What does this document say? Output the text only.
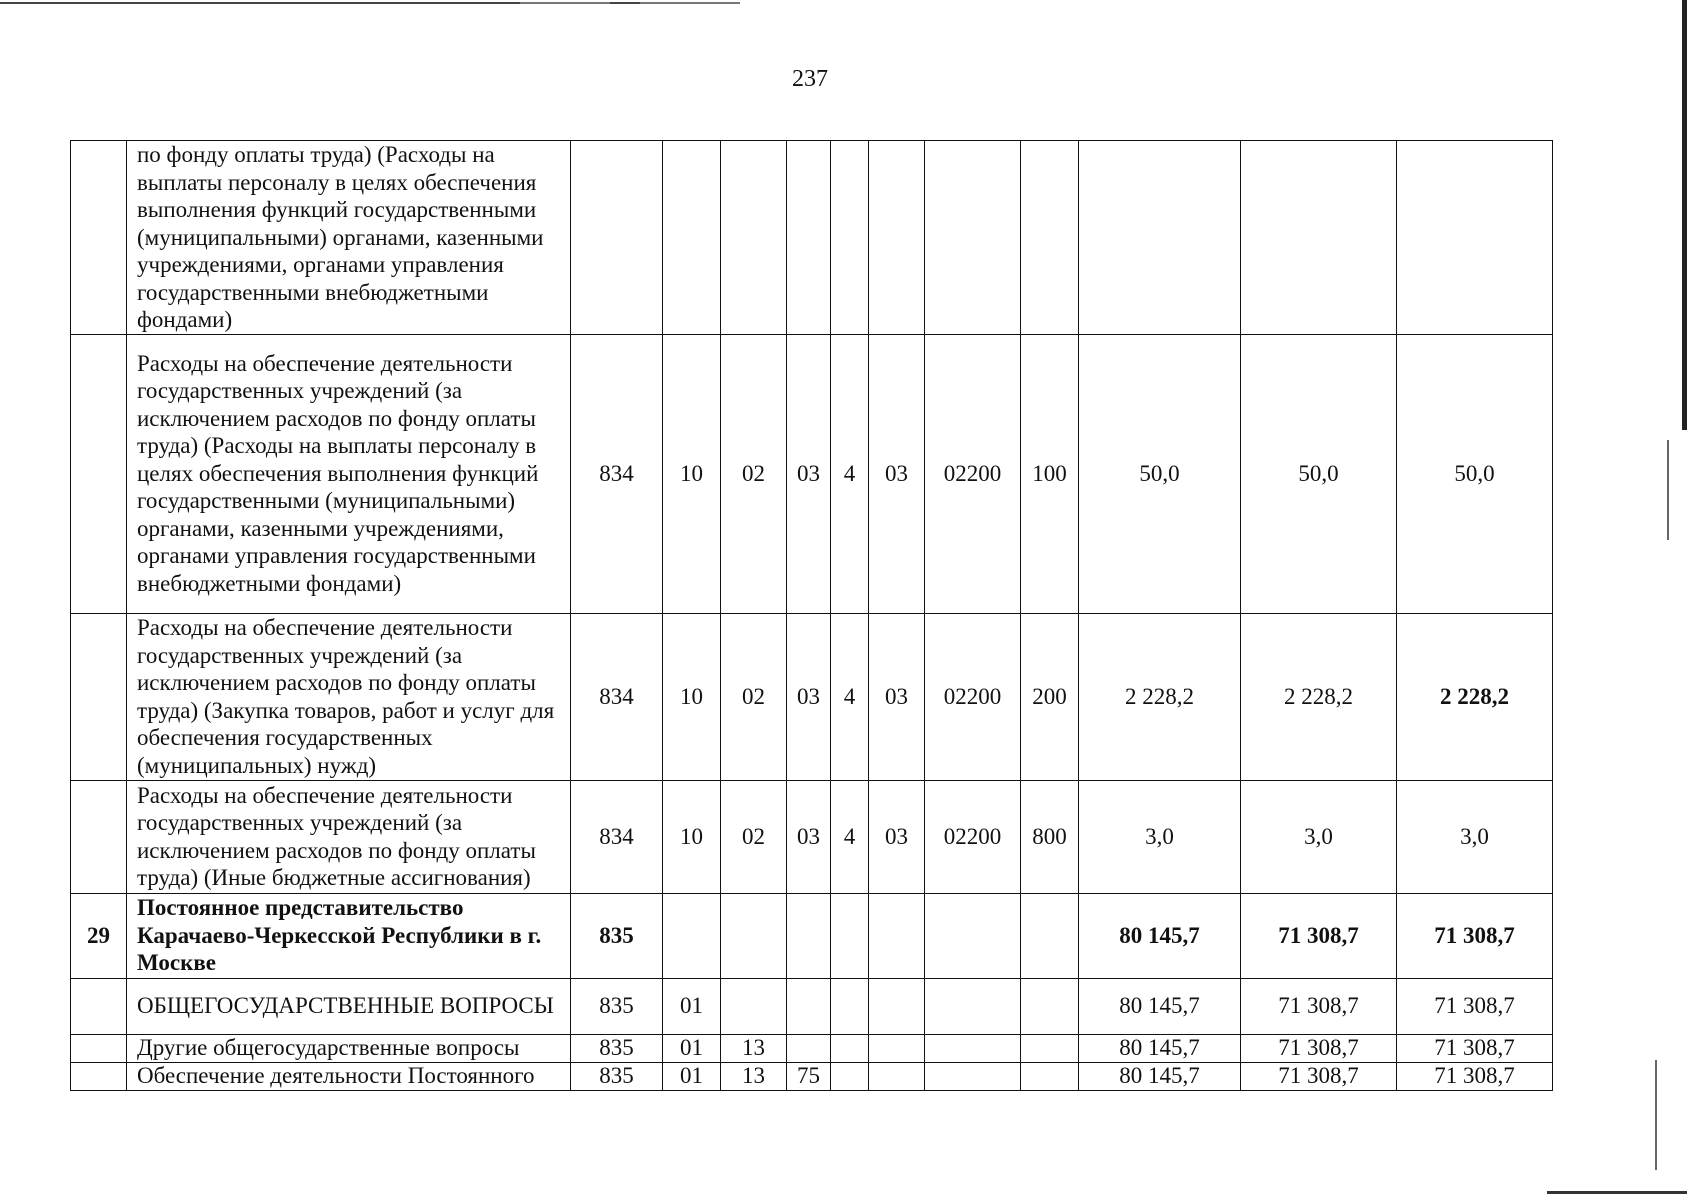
237
	по фонду оплаты труда) (Расходы на выплаты персоналу в целях обеспечения выполнения функций государственными (муниципальными) органами, казенными учреждениями, органами управления государственными внебюджетными фондами)											
	Расходы на обеспечение деятельности государственных учреждений (за исключением расходов по фонду оплаты труда) (Расходы на выплаты персоналу в целях обеспечения выполнения функций государственными (муниципальными) органами, казенными учреждениями, органами управления государственными внебюджетными фондами)	834	10	02	03	4	03	02200	100	50,0	50,0	50,0
	Расходы на обеспечение деятельности государственных учреждений (за исключением расходов по фонду оплаты труда) (Закупка товаров, работ и услуг для обеспечения государственных (муниципальных) нужд)	834	10	02	03	4	03	02200	200	2 228,2	2 228,2	2 228,2
	Расходы на обеспечение деятельности государственных учреждений (за исключением расходов по фонду оплаты труда) (Иные бюджетные ассигнования)	834	10	02	03	4	03	02200	800	3,0	3,0	3,0
29	Постоянное представительство Карачаево-Черкесской Республики в г. Москве	835								80 145,7	71 308,7	71 308,7
	ОБЩЕГОСУДАРСТВЕННЫЕ ВОПРОСЫ	835	01							80 145,7	71 308,7	71 308,7
	Другие общегосударственные вопросы	835	01	13						80 145,7	71 308,7	71 308,7
	Обеспечение деятельности Постоянного	835	01	13	75					80 145,7	71 308,7	71 308,7
